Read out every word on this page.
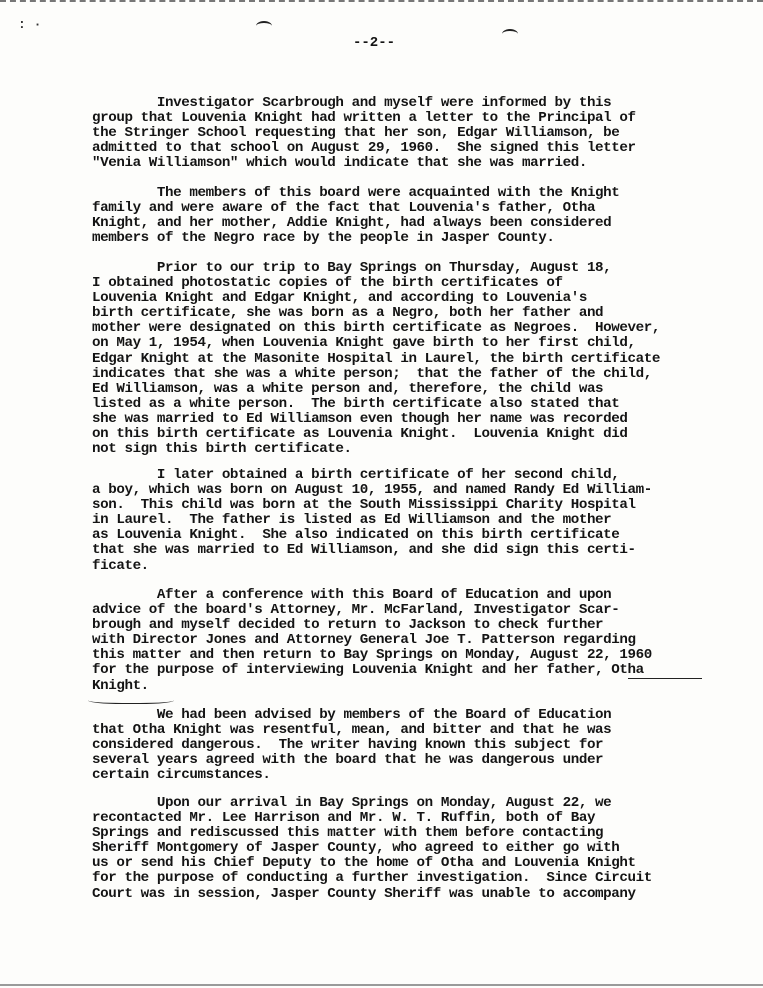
: ·
--2--

Investigator Scarbrough and myself were informed by this
group that Louvenia Knight had written a letter to the Principal of
the Stringer School requesting that her son, Edgar Williamson, be
admitted to that school on August 29, 1960.  She signed this letter
"Venia Williamson" which would indicate that she was married.

The members of this board were acquainted with the Knight
family and were aware of the fact that Louvenia's father, Otha
Knight, and her mother, Addie Knight, had always been considered
members of the Negro race by the people in Jasper County.

Prior to our trip to Bay Springs on Thursday, August 18,
I obtained photostatic copies of the birth certificates of
Louvenia Knight and Edgar Knight, and according to Louvenia's
birth certificate, she was born as a Negro, both her father and
mother were designated on this birth certificate as Negroes.  However,
on May 1, 1954, when Louvenia Knight gave birth to her first child,
Edgar Knight at the Masonite Hospital in Laurel, the birth certificate
indicates that she was a white person;  that the father of the child,
Ed Williamson, was a white person and, therefore, the child was
listed as a white person.  The birth certificate also stated that
she was married to Ed Williamson even though her name was recorded
on this birth certificate as Louvenia Knight.  Louvenia Knight did
not sign this birth certificate.

I later obtained a birth certificate of her second child,
a boy, which was born on August 10, 1955, and named Randy Ed William-
son.  This child was born at the South Mississippi Charity Hospital
in Laurel.  The father is listed as Ed Williamson and the mother
as Louvenia Knight.  She also indicated on this birth certificate
that she was married to Ed Williamson, and she did sign this certi-
ficate.

After a conference with this Board of Education and upon
advice of the board's Attorney, Mr. McFarland, Investigator Scar-
brough and myself decided to return to Jackson to check further
with Director Jones and Attorney General Joe T. Patterson regarding
this matter and then return to Bay Springs on Monday, August 22, 1960
for the purpose of interviewing Louvenia Knight and her father, Otha
Knight.

We had been advised by members of the Board of Education
that Otha Knight was resentful, mean, and bitter and that he was
considered dangerous.  The writer having known this subject for
several years agreed with the board that he was dangerous under
certain circumstances.

Upon our arrival in Bay Springs on Monday, August 22, we
recontacted Mr. Lee Harrison and Mr. W. T. Ruffin, both of Bay
Springs and rediscussed this matter with them before contacting
Sheriff Montgomery of Jasper County, who agreed to either go with
us or send his Chief Deputy to the home of Otha and Louvenia Knight
for the purpose of conducting a further investigation.  Since Circuit
Court was in session, Jasper County Sheriff was unable to accompany
